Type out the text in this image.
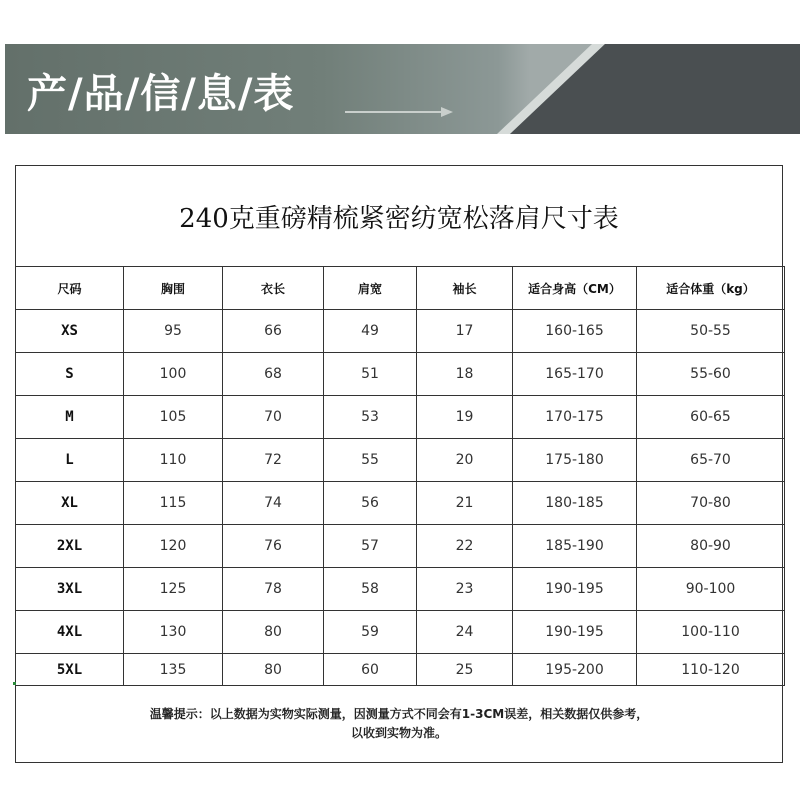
产/品/信/息/表
240克重磅精梳紧密纺宽松落肩尺寸表
尺码	胸围	衣长	肩宽	袖长	适合身高（CM）	适合体重（kg）
XS	95	66	49	17	160-165	50-55
S	100	68	51	18	165-170	55-60
M	105	70	53	19	170-175	60-65
L	110	72	55	20	175-180	65-70
XL	115	74	56	21	180-185	70-80
2XL	120	76	57	22	185-190	80-90
3XL	125	78	58	23	190-195	90-100
4XL	130	80	59	24	190-195	100-110
5XL	135	80	60	25	195-200	110-120
温馨提示：以上数据为实物实际测量，因测量方式不同会有1-3CM误差，相关数据仅供参考，
以收到实物为准。
